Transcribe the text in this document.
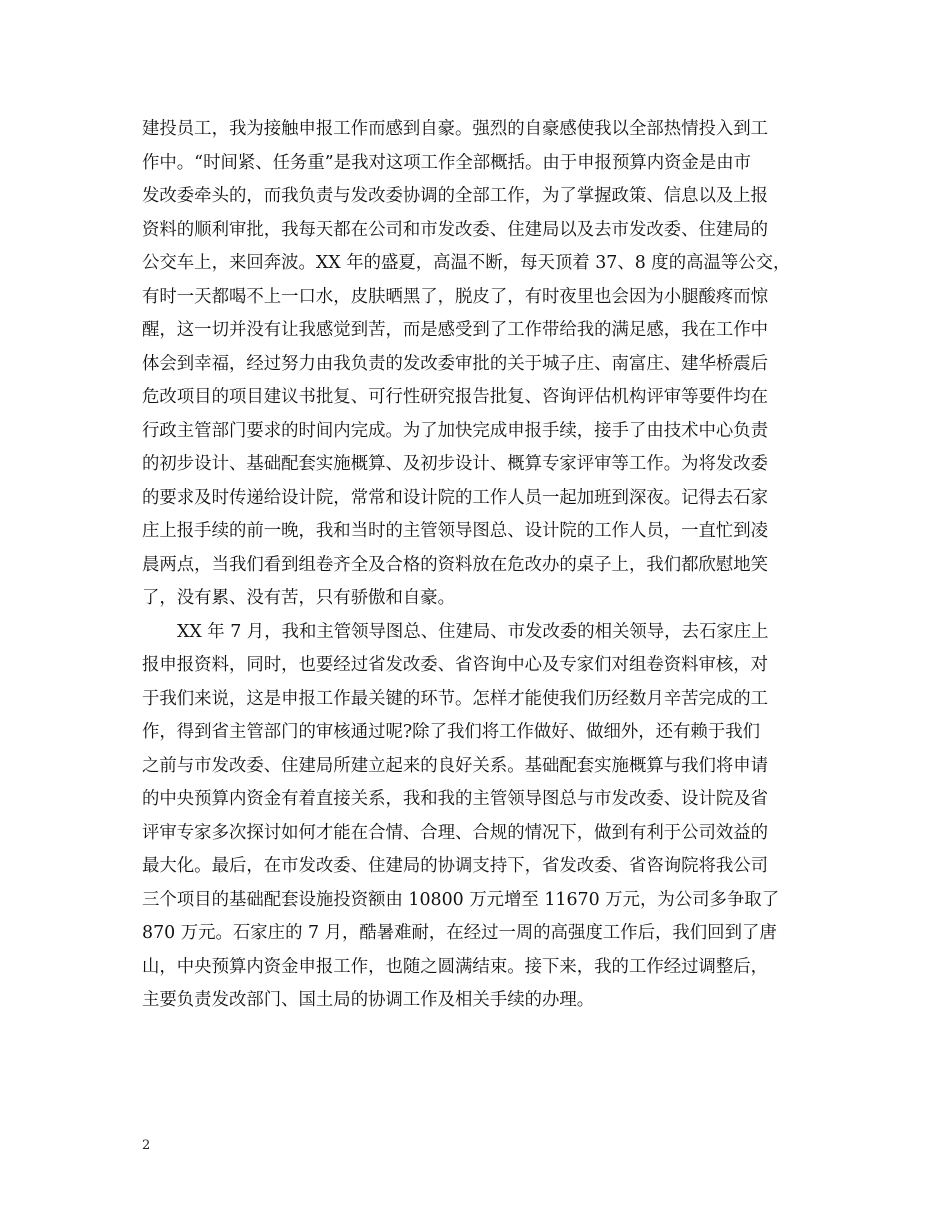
建投员工，我为接触申报工作而感到自豪。强烈的自豪感使我以全部热情投入到工
作中。“时间紧、任务重”是我对这项工作全部概括。由于申报预算内资金是由市
发改委牵头的，而我负责与发改委协调的全部工作，为了掌握政策、信息以及上报
资料的顺利审批，我每天都在公司和市发改委、住建局以及去市发改委、住建局的
公交车上，来回奔波。XX 年的盛夏，高温不断，每天顶着 37、8 度的高温等公交，
有时一天都喝不上一口水，皮肤晒黑了，脱皮了，有时夜里也会因为小腿酸疼而惊
醒，这一切并没有让我感觉到苦，而是感受到了工作带给我的满足感，我在工作中
体会到幸福，经过努力由我负责的发改委审批的关于城子庄、南富庄、建华桥震后
危改项目的项目建议书批复、可行性研究报告批复、咨询评估机构评审等要件均在
行政主管部门要求的时间内完成。为了加快完成申报手续，接手了由技术中心负责
的初步设计、基础配套实施概算、及初步设计、概算专家评审等工作。为将发改委
的要求及时传递给设计院，常常和设计院的工作人员一起加班到深夜。记得去石家
庄上报手续的前一晚，我和当时的主管领导图总、设计院的工作人员，一直忙到凌
晨两点，当我们看到组卷齐全及合格的资料放在危改办的桌子上，我们都欣慰地笑
了，没有累、没有苦，只有骄傲和自豪。

XX 年 7 月，我和主管领导图总、住建局、市发改委的相关领导，去石家庄上
报申报资料，同时，也要经过省发改委、省咨询中心及专家们对组卷资料审核，对
于我们来说，这是申报工作最关键的环节。怎样才能使我们历经数月辛苦完成的工
作，得到省主管部门的审核通过呢?除了我们将工作做好、做细外，还有赖于我们
之前与市发改委、住建局所建立起来的良好关系。基础配套实施概算与我们将申请
的中央预算内资金有着直接关系，我和我的主管领导图总与市发改委、设计院及省
评审专家多次探讨如何才能在合情、合理、合规的情况下，做到有利于公司效益的
最大化。最后，在市发改委、住建局的协调支持下，省发改委、省咨询院将我公司
三个项目的基础配套设施投资额由 10800 万元增至 11670 万元，为公司多争取了
870 万元。石家庄的 7 月，酷暑难耐，在经过一周的高强度工作后，我们回到了唐
山，中央预算内资金申报工作，也随之圆满结束。接下来，我的工作经过调整后，
主要负责发改部门、国土局的协调工作及相关手续的办理。

2
